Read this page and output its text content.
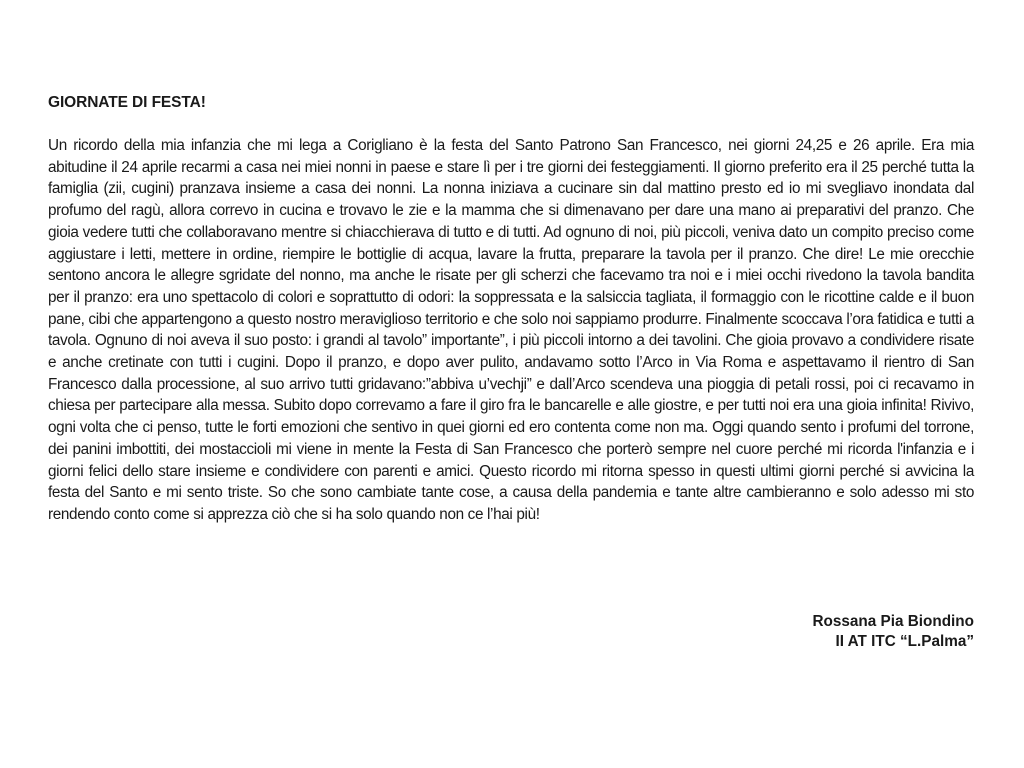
GIORNATE DI FESTA!

Un ricordo della mia infanzia che mi lega a Corigliano è la festa del Santo Patrono San Francesco, nei giorni 24,25 e 26 aprile. Era mia abitudine il 24 aprile recarmi a casa nei miei nonni in paese e stare lì per i tre giorni dei festeggiamenti. Il giorno preferito era il 25 perché tutta la famiglia (zii, cugini) pranzava insieme a casa dei nonni. La nonna iniziava a cucinare sin dal mattino presto ed io mi svegliavo inondata dal profumo del ragù, allora correvo in cucina e trovavo le zie e la mamma che si dimenavano per dare una mano ai preparativi del pranzo. Che gioia vedere tutti che collaboravano mentre si chiacchierava di tutto e di tutti. Ad ognuno di noi, più piccoli, veniva dato un compito preciso come aggiustare i letti, mettere in ordine, riempire le bottiglie di acqua, lavare la frutta, preparare la tavola per il pranzo. Che dire! Le mie orecchie sentono ancora le allegre sgridate del nonno, ma anche le risate per gli scherzi che facevamo tra noi e i miei occhi rivedono la tavola bandita per il pranzo: era uno spettacolo di colori e soprattutto di odori: la soppressata e la salsiccia tagliata, il formaggio con le ricottine calde e il buon pane, cibi che appartengono a questo nostro meraviglioso territorio e che solo noi sappiamo produrre. Finalmente scoccava l’ora fatidica e tutti a tavola. Ognuno di noi aveva il suo posto: i grandi al tavolo” importante”, i più piccoli intorno a dei tavolini. Che gioia provavo a condividere risate e anche cretinate con tutti i cugini. Dopo il pranzo, e dopo aver pulito, andavamo sotto l’Arco in Via Roma e aspettavamo il rientro di San Francesco dalla processione, al suo arrivo tutti gridavano:”abbiva u’vechji” e dall’Arco scendeva una pioggia di petali rossi, poi ci recavamo in chiesa per partecipare alla messa. Subito dopo correvamo a fare il giro fra le bancarelle e alle giostre, e per tutti noi era una gioia infinita! Rivivo, ogni volta che ci penso, tutte le forti emozioni che sentivo in quei giorni ed ero contenta come non ma. Oggi quando sento i profumi del torrone, dei panini imbottiti, dei mostaccioli mi viene in mente la Festa di San Francesco che porterò sempre nel cuore perché mi ricorda l'infanzia e i giorni felici dello stare insieme e condividere con parenti e amici. Questo ricordo mi ritorna spesso in questi ultimi giorni perché si avvicina la festa del Santo e mi sento triste. So che sono cambiate tante cose, a causa della pandemia e tante altre cambieranno e solo adesso mi sto rendendo conto come si apprezza ciò che si ha solo quando non ce l’hai più!

Rossana Pia Biondino
II AT ITC “L.Palma”
